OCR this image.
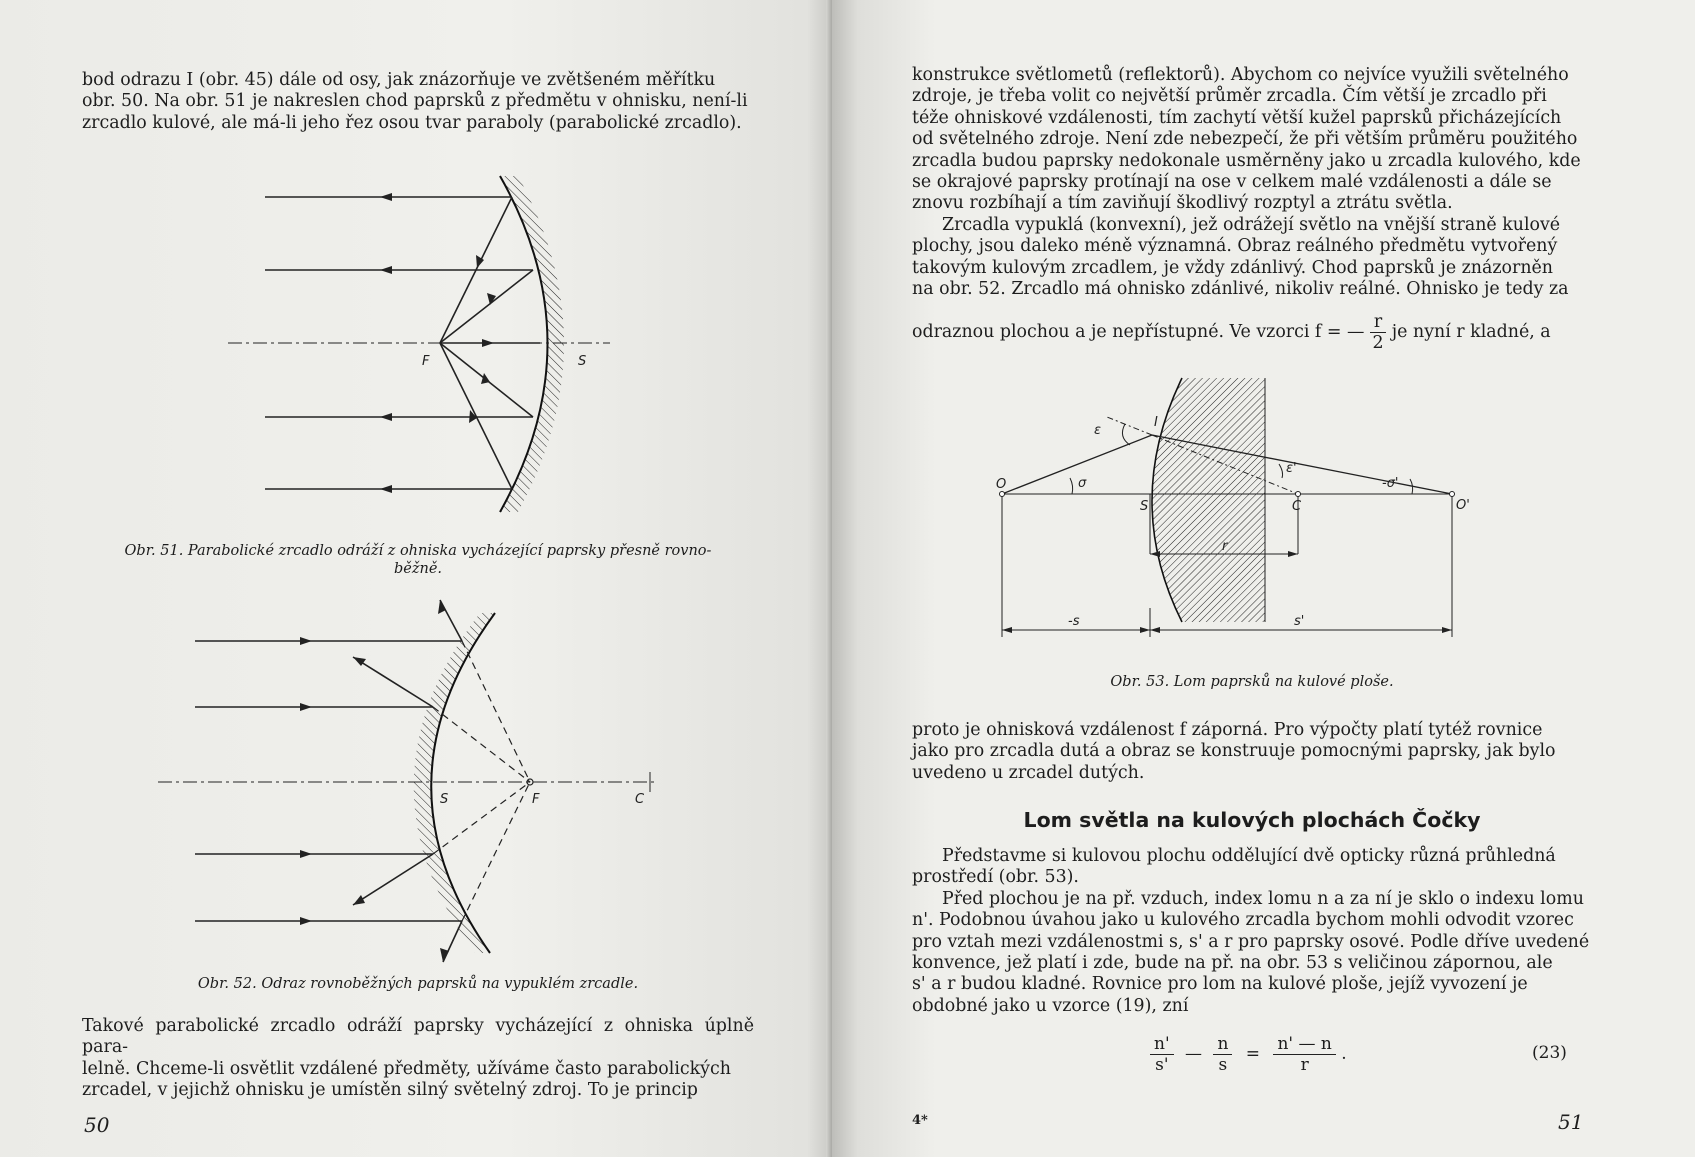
bod odrazu I (obr. 45) dále od osy, jak znázorňuje ve zvětšeném měřítku

obr. 50. Na obr. 51 je nakreslen chod paprsků z předmětu v ohnisku, není-li

zrcadlo kulové, ale má-li jeho řez osou tvar paraboly (parabolické zrcadlo).

F	S
Obr. 51. Parabolické zrcadlo odráží z ohniska vycházející paprsky přesně rovno-
běžně.
S	F	C
Obr. 52. Odraz rovnoběžných paprsků na vypuklém zrcadle.

Takové parabolické zrcadlo odráží paprsky vycházející z ohniska úplně para-

lelně. Chceme-li osvětlit vzdálené předměty, užíváme často parabolických

zrcadel, v jejichž ohnisku je umístěn silný světelný zdroj. To je princip

50

konstrukce světlometů (reflektorů). Abychom co nejvíce využili světelného

zdroje, je třeba volit co největší průměr zrcadla. Čím větší je zrcadlo při

téže ohniskové vzdálenosti, tím zachytí větší kužel paprsků přicházejících

od světelného zdroje. Není zde nebezpečí, že při větším průměru použitého

zrcadla budou paprsky nedokonale usměrněny jako u zrcadla kulového, kde

se okrajové paprsky protínají na ose v celkem malé vzdálenosti a dále se

znovu rozbíhají a tím zaviňují škodlivý rozptyl a ztrátu světla.

Zrcadla vypuklá (konvexní), jež odrážejí světlo na vnější straně kulové

plochy, jsou daleko méně významná. Obraz reálného předmětu vytvořený

takovým kulovým zrcadlem, je vždy zdánlivý. Chod paprsků je znázorněn

na obr. 52. Zrcadlo má ohnisko zdánlivé, nikoliv reálné. Ohnisko je tedy za

odraznou plochou a je nepřístupné. Ve vzorci f = — $\frac{r}{2}$ je nyní r kladné, a
O
I
ε
σ
ε'
-σ'
S	C	O'
r
-s	s'
Obr. 53. Lom paprsků na kulové ploše.

proto je ohnisková vzdálenost f záporná. Pro výpočty platí tytéž rovnice

jako pro zrcadla dutá a obraz se konstruuje pomocnými paprsky, jak bylo

uvedeno u zrcadel dutých.

Lom světla na kulových plochách Čočky

Představme si kulovou plochu oddělující dvě opticky různá průhledná

prostředí (obr. 53).

Před plochou je na př. vzduch, index lomu n a za ní je sklo o indexu lomu

n'. Podobnou úvahou jako u kulového zrcadla bychom mohli odvodit vzorec

pro vztah mezi vzdálenostmi s, s' a r pro paprsky osové. Podle dříve uvedené

konvence, jež platí i zde, bude na př. na obr. 53 s veličinou zápornou, ale

s' a r budou kladné. Rovnice pro lom na kulové ploše, jejíž vyvození je

obdobné jako u vzorce (19), zní

$\frac{n'}{s'}$ — $\frac{n}{s} = \frac{n' — n}{r}$ .	(23)
4*	51
